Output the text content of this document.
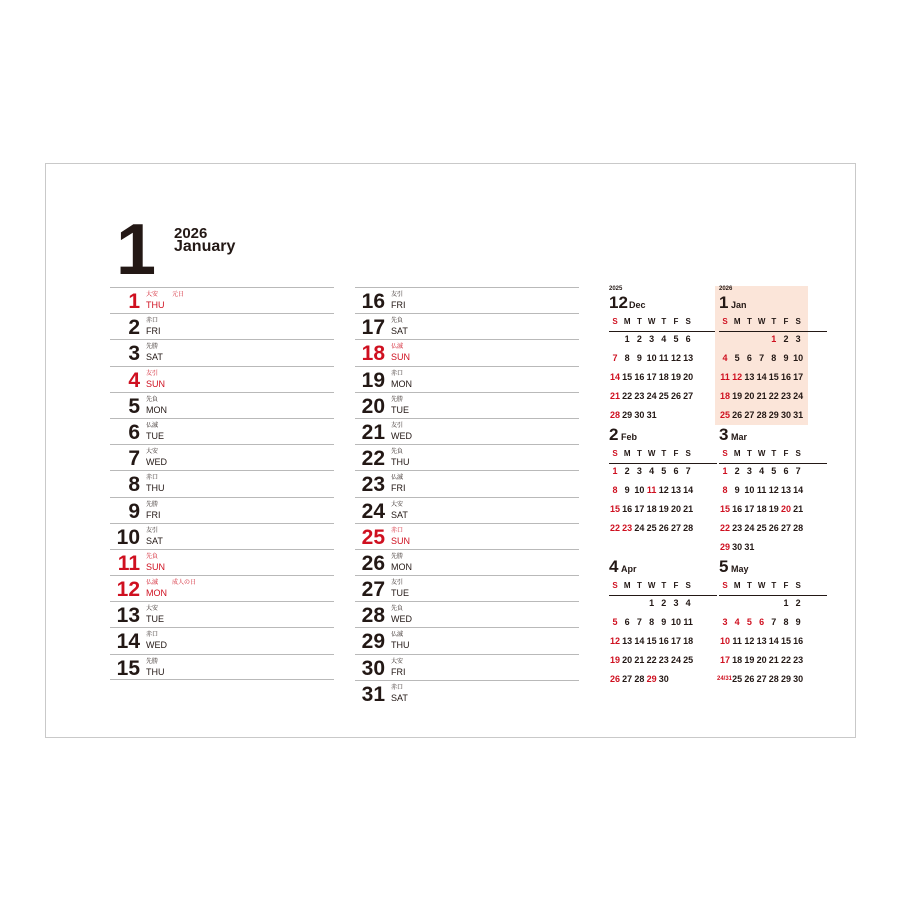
1 2026
January
1 大安
THU
元日
2 赤口
FRI
3 先勝
SAT
4 友引
SUN
5 先負
MON
6 仏滅
TUE
7 大安
WED
8 赤口
THU
9 先勝
FRI
10 友引
SAT
11 先負
SUN
12 仏滅
MON
成人の日
13 大安
TUE
14 赤口
WED
15 先勝
THU
16 友引
FRI
17 先負
SAT
18 仏滅
SUN
19 赤口
MON
20 先勝
TUE
21 友引
WED
22 先負
THU
23 仏滅
FRI
24 大安
SAT
25 赤口
SUN
26 先勝
MON
27 友引
TUE
28 先負
WED
29 仏滅
THU
30 大安
FRI
31 赤口
SAT
2025
12 Dec
S M T W T F S
1 2 3 4 5 6
7 8 9 10 11 12 13
14 15 16 17 18 19 20
21 22 23 24 25 26 27
28 29 30 31
2026
1 Jan
S M T W T F S
1 2 3
4 5 6 7 8 9 10
11 12 13 14 15 16 17
18 19 20 21 22 23 24
25 26 27 28 29 30 31
2 Feb
S M T W T F S
1 2 3 4 5 6 7
8 9 10 11 12 13 14
15 16 17 18 19 20 21
22 23 24 25 26 27 28
3 Mar
S M T W T F S
1 2 3 4 5 6 7
8 9 10 11 12 13 14
15 16 17 18 19 20 21
22 23 24 25 26 27 28
29 30 31
4 Apr
S M T W T F S
1 2 3 4
5 6 7 8 9 10 11
12 13 14 15 16 17 18
19 20 21 22 23 24 25
26 27 28 29 30
5 May
S M T W T F S
1 2
3 4 5 6 7 8 9
10 11 12 13 14 15 16
17 18 19 20 21 22 23
24/31 25 26 27 28 29 30
